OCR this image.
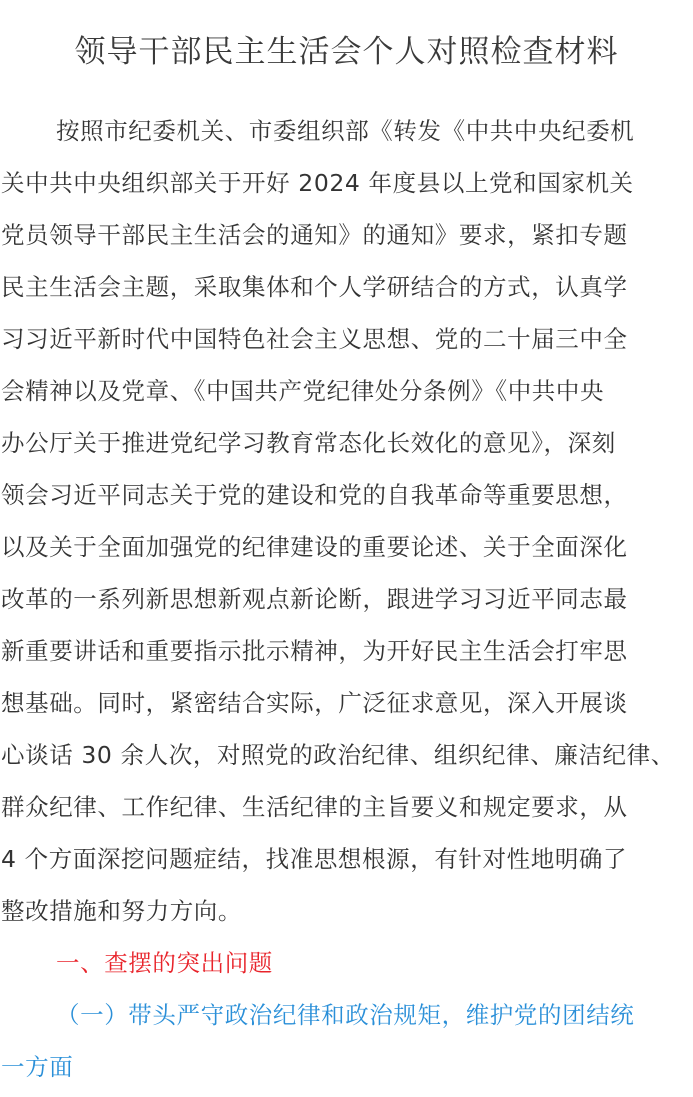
领导干部民主生活会个人对照检查材料
按照市纪委机关、市委组织部《转发《中共中央纪委机
关中共中央组织部关于开好 2024 年度县以上党和国家机关
党员领导干部民主生活会的通知》的通知》要求，紧扣专题
民主生活会主题，采取集体和个人学研结合的方式，认真学
习习近平新时代中国特色社会主义思想、党的二十届三中全
会精神以及党章、《中国共产党纪律处分条例》《中共中央
办公厅关于推进党纪学习教育常态化长效化的意见》，深刻
领会习近平同志关于党的建设和党的自我革命等重要思想，
以及关于全面加强党的纪律建设的重要论述、关于全面深化
改革的一系列新思想新观点新论断，跟进学习习近平同志最
新重要讲话和重要指示批示精神，为开好民主生活会打牢思
想基础。同时，紧密结合实际，广泛征求意见，深入开展谈
心谈话 30 余人次，对照党的政治纪律、组织纪律、廉洁纪律、
群众纪律、工作纪律、生活纪律的主旨要义和规定要求，从
4 个方面深挖问题症结，找准思想根源，有针对性地明确了
整改措施和努力方向。
一、查摆的突出问题
（一）带头严守政治纪律和政治规矩，维护党的团结统
一方面
